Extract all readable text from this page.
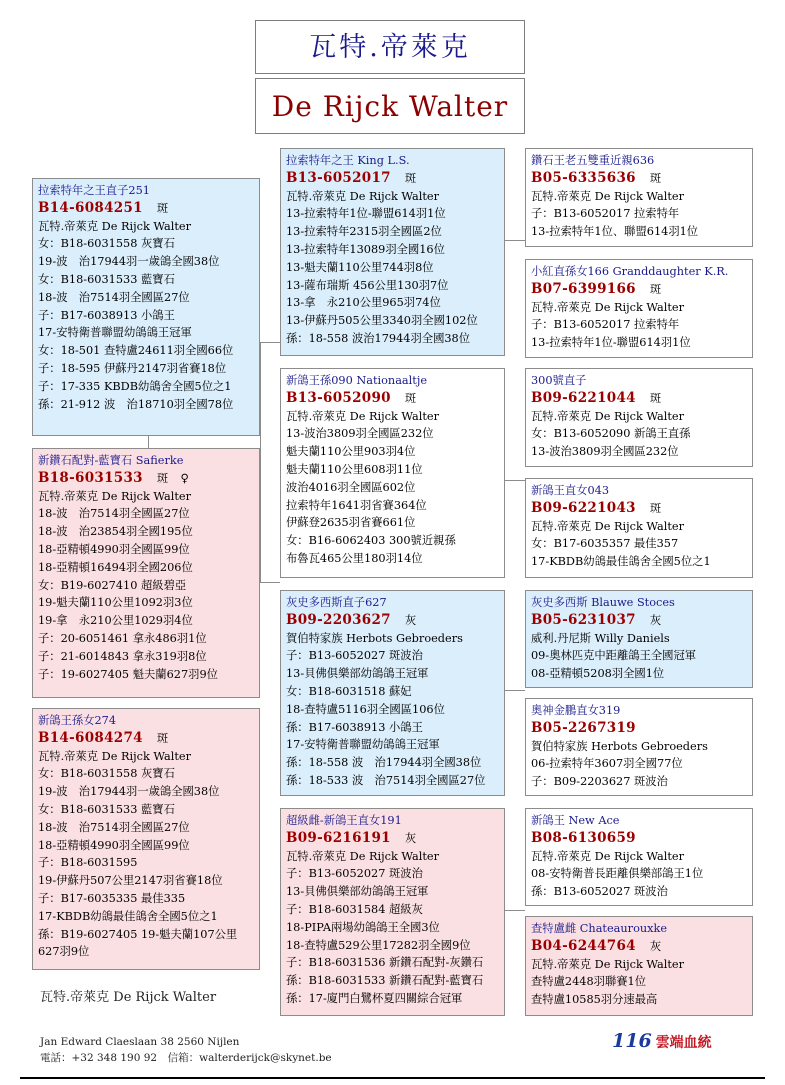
瓦特.帝萊克
De Rijck Walter
拉索特年之王直子251
B14-6084251 斑
瓦特.帝萊克 De Rijck Walter
女：B18-6031558 灰寶石
19-波　治17944羽一歲鴿全國38位
女：B18-6031533 藍寶石
18-波　治7514羽全國區27位
子：B17-6038913 小鴿王
17-安特衛普聯盟幼鴿鴿王冠軍
女：18-501 查特盧24611羽全國66位
子：18-595 伊蘇丹2147羽省賽18位
子：17-335 KBDB幼鴿舍全國5位之1
孫：21-912 波　治18710羽全國78位
新鑽石配對-藍寶石 Safierke
B18-6031533 斑 ♀
瓦特.帝萊克 De Rijck Walter
18-波　治7514羽全國區27位
18-波　治23854羽全國195位
18-亞精頓4990羽全國區99位
18-亞精頓16494羽全國206位
女：B19-6027410 超級碧亞
19-魁夫蘭110公里1092羽3位
19-拿　永210公里1029羽4位
子：20-6051461 拿永486羽1位
子：21-6014843 拿永319羽8位
子：19-6027405 魁夫蘭627羽9位
新鴿王孫女274
B14-6084274 斑
瓦特.帝萊克 De Rijck Walter
女：B18-6031558 灰寶石
19-波　治17944羽一歲鴿全國38位
女：B18-6031533 藍寶石
18-波　治7514羽全國區27位
18-亞精頓4990羽全國區99位
子：B18-6031595
19-伊蘇丹507公里2147羽省賽18位
子：B17-6035335 最佳335
17-KBDB幼鴿最佳鴿舍全國5位之1
孫：B19-6027405 19-魁夫蘭107公里627羽9位
拉索特年之王 King L.S.
B13-6052017 斑
瓦特.帝萊克 De Rijck Walter
13-拉索特年1位-聯盟614羽1位
13-拉索特年2315羽全國區2位
13-拉索特年13089羽全國16位
13-魁夫蘭110公里744羽8位
13-薩布瑞斯 456公里130羽7位
13-拿　永210公里965羽74位
13-伊蘇丹505公里3340羽全國102位
孫：18-558 波治17944羽全國38位
新鴿王孫090 Nationaaltje
B13-6052090 斑
瓦特.帝萊克 De Rijck Walter
13-波治3809羽全國區232位
魁夫蘭110公里903羽4位
魁夫蘭110公里608羽11位
波治4016羽全國區602位
拉索特年1641羽省賽364位
伊蘇登2635羽省賽661位
女：B16-6062403 300號近親孫
布魯瓦465公里180羽14位
灰史多西斯直子627
B09-2203627 灰
賀伯特家族 Herbots Gebroeders
子：B13-6052027 斑波治
13-貝佛俱樂部幼鴿鴿王冠軍
女：B18-6031518 蘇妃
18-查特盧5116羽全國區106位
孫：B17-6038913 小鴿王
17-安特衛普聯盟幼鴿鴿王冠軍
孫：18-558 波　治17944羽全國38位
孫：18-533 波　治7514羽全國區27位
超級雌-新鴿王直女191
B09-6216191 灰
瓦特.帝萊克 De Rijck Walter
子：B13-6052027 斑波治
13-貝佛俱樂部幼鴿鴿王冠軍
子：B18-6031584 超級灰
18-PIPA兩場幼鴿鴿王全國3位
18-查特盧529公里17282羽全國9位
子：B18-6031536 新鑽石配對-灰鑽石
孫：B18-6031533 新鑽石配對-藍寶石
孫：17-廈門白鷺杯夏四關綜合冠軍
鑽石王老五雙重近親636
B05-6335636 斑
瓦特.帝萊克 De Rijck Walter
子：B13-6052017 拉索特年
13-拉索特年1位、聯盟614羽1位
小紅直孫女166 Granddaughter K.R.
B07-6399166 斑
瓦特.帝萊克 De Rijck Walter
子：B13-6052017 拉索特年
13-拉索特年1位-聯盟614羽1位
300號直子
B09-6221044 斑
瓦特.帝萊克 De Rijck Walter
女：B13-6052090 新鴿王直孫
13-波治3809羽全國區232位
新鴿王直女043
B09-6221043 斑
瓦特.帝萊克 De Rijck Walter
女：B17-6035357 最佳357
17-KBDB幼鴿最佳鴿舍全國5位之1
灰史多西斯 Blauwe Stoces
B05-6231037 灰
威利.丹尼斯 Willy Daniels
09-奧林匹克中距離鴿王全國冠軍
08-亞精頓5208羽全國1位
奧神金鵬直女319
B05-2267319
賀伯特家族 Herbots Gebroeders
06-拉索特年3607羽全國77位
子：B09-2203627 斑波治
新鴿王 New Ace
B08-6130659
瓦特.帝萊克 De Rijck Walter
08-安特衛普長距離俱樂部鴿王1位
孫：B13-6052027 斑波治
查特盧雌 Chateaurouxke
B04-6244764 灰
瓦特.帝萊克 De Rijck Walter
查特盧2448羽聯賽1位
查特盧10585羽分速最高
瓦特.帝萊克 De Rijck Walter
Jan Edward Claeslaan 38 2560 Nijlen
電話：+32 348 190 92　信箱：walterderijck@skynet.be
116 雲端血統
